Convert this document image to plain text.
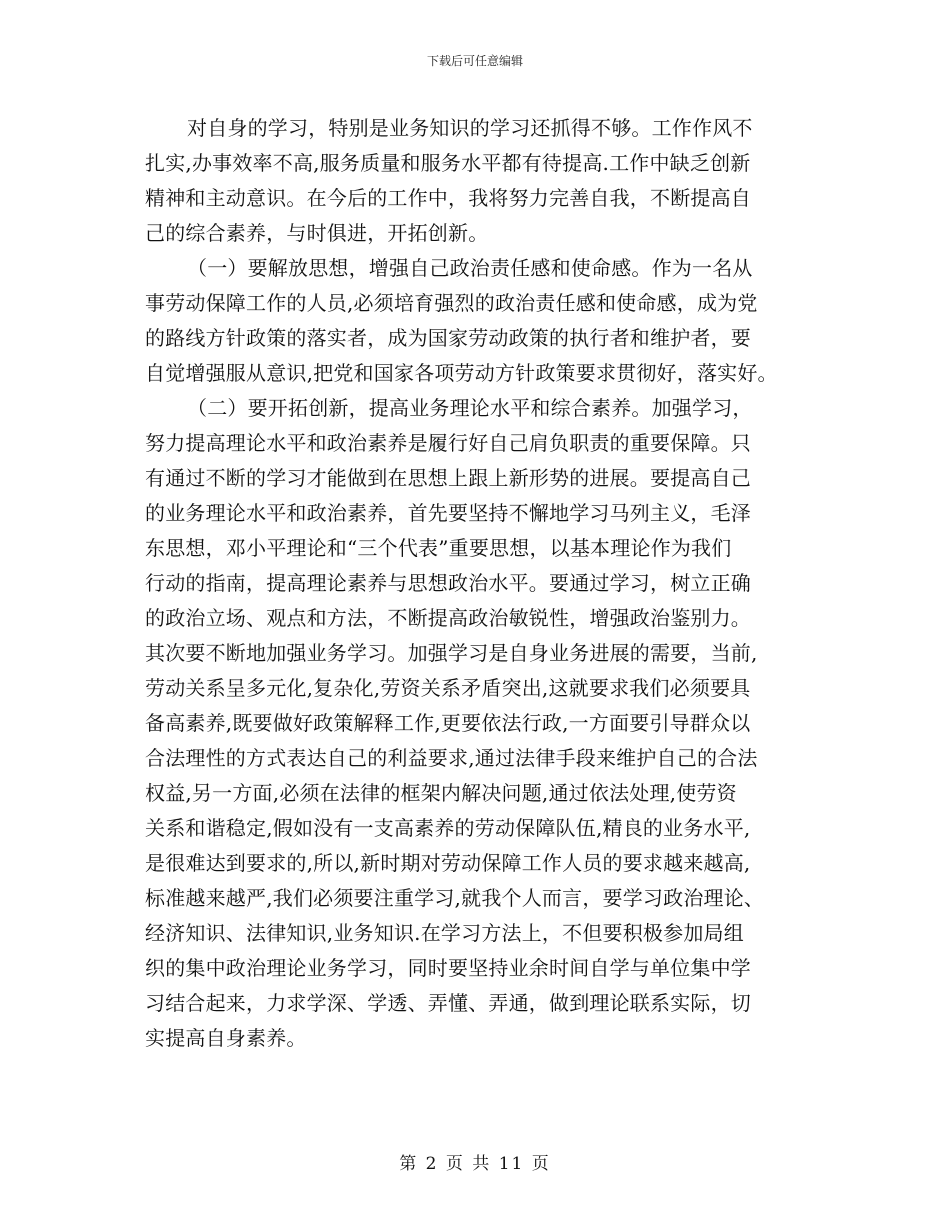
下载后可任意编辑
对自身的学习，特别是业务知识的学习还抓得不够。工作作风不
扎实,办事效率不高,服务质量和服务水平都有待提高.工作中缺乏创新
精神和主动意识。在今后的工作中，我将努力完善自我，不断提高自
己的综合素养，与时俱进，开拓创新。
（一）要解放思想，增强自己政治责任感和使命感。作为一名从
事劳动保障工作的人员,必须培育强烈的政治责任感和使命感，成为党
的路线方针政策的落实者，成为国家劳动政策的执行者和维护者，要
自觉增强服从意识,把党和国家各项劳动方针政策要求贯彻好，落实好。
（二）要开拓创新，提高业务理论水平和综合素养。加强学习，
努力提高理论水平和政治素养是履行好自己肩负职责的重要保障。只
有通过不断的学习才能做到在思想上跟上新形势的进展。要提高自己
的业务理论水平和政治素养，首先要坚持不懈地学习马列主义，毛泽
东思想，邓小平理论和“三个代表”重要思想，以基本理论作为我们
行动的指南，提高理论素养与思想政治水平。要通过学习，树立正确
的政治立场、观点和方法，不断提高政治敏锐性，增强政治鉴别力。
其次要不断地加强业务学习。加强学习是自身业务进展的需要，当前,
劳动关系呈多元化,复杂化,劳资关系矛盾突出,这就要求我们必须要具
备高素养,既要做好政策解释工作,更要依法行政,一方面要引导群众以
合法理性的方式表达自己的利益要求,通过法律手段来维护自己的合法
权益,另一方面,必须在法律的框架内解决问题,通过依法处理,使劳资
关系和谐稳定,假如没有一支高素养的劳动保障队伍,精良的业务水平,
是很难达到要求的,所以,新时期对劳动保障工作人员的要求越来越高,
标准越来越严,我们必须要注重学习,就我个人而言，要学习政治理论、
经济知识、法律知识,业务知识.在学习方法上，不但要积极参加局组
织的集中政治理论业务学习，同时要坚持业余时间自学与单位集中学
习结合起来，力求学深、学透、弄懂、弄通，做到理论联系实际，切
实提高自身素养。
第 2 页 共 11 页
